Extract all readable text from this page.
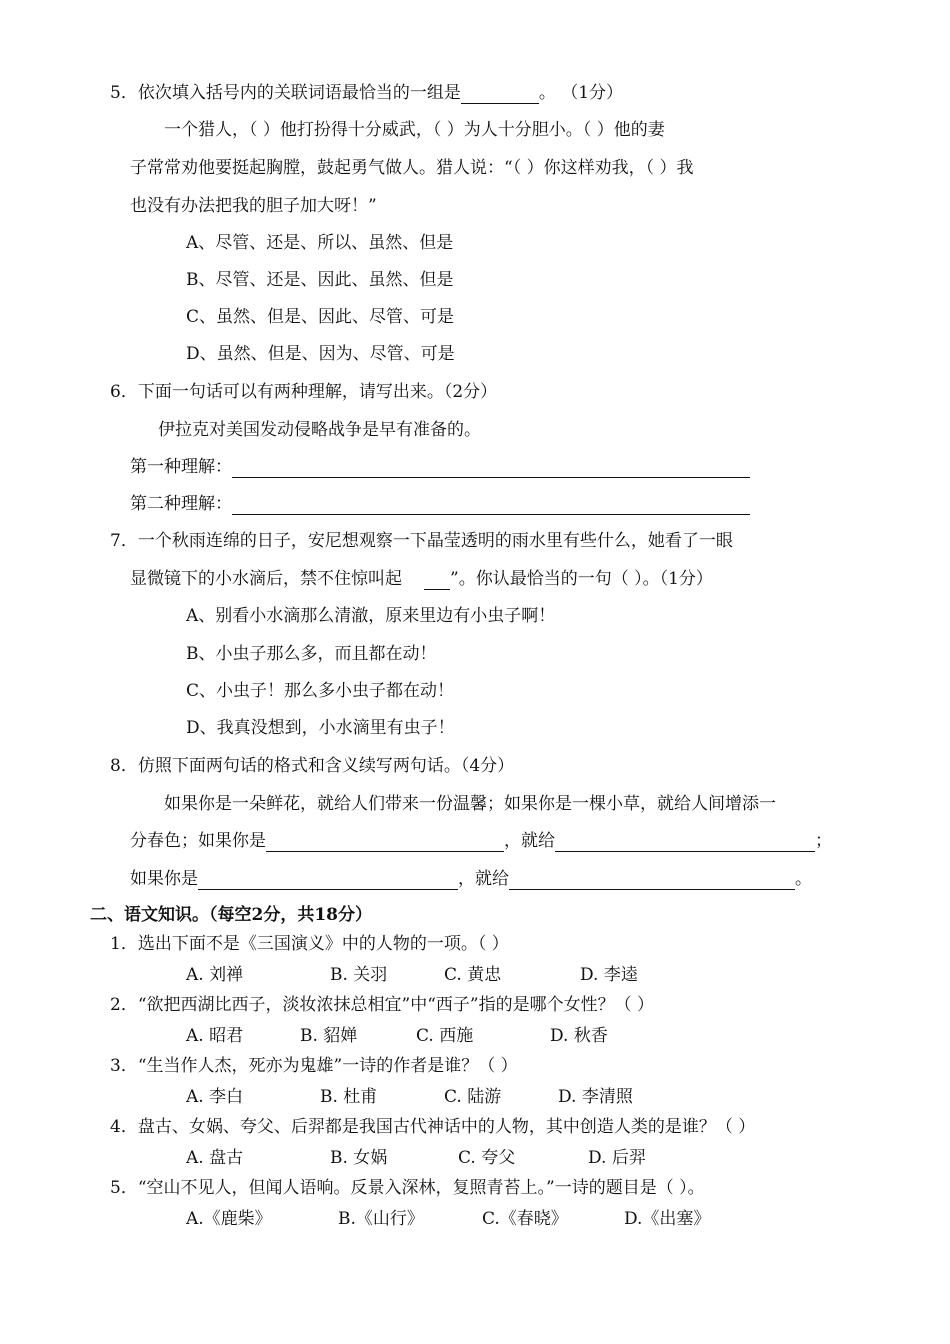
5．依次填入括号内的关联词语最恰当的一组是	。 （1分）
一个猎人，（ ）他打扮得十分威武，（ ）为人十分胆小。（ ）他的妻
子常常劝他要挺起胸膛，鼓起勇气做人。猎人说：“（ ）你这样劝我，（ ）我
也没有办法把我的胆子加大呀！”
A、尽管、还是、所以、虽然、但是
B、尽管、还是、因此、虽然、但是
C、虽然、但是、因此、尽管、可是
D、虽然、但是、因为、尽管、可是
6．下面一句话可以有两种理解，请写出来。（2分）
伊拉克对美国发动侵略战争是早有准备的。
第一种理解：
第二种理解：
7．一个秋雨连绵的日子，安尼想观察一下晶莹透明的雨水里有些什么，她看了一眼
显微镜下的小水滴后，禁不住惊叫起	”。你认最恰当的一句（ ）。（1分）
A、别看小水滴那么清澈，原来里边有小虫子啊！
B、小虫子那么多，而且都在动！
C、小虫子！那么多小虫子都在动！
D、我真没想到，小水滴里有虫子！
8．仿照下面两句话的格式和含义续写两句话。（4分）
如果你是一朵鲜花，就给人们带来一份温馨；如果你是一棵小草，就给人间增添一
分春色；如果你是	，就给	；
如果你是	，就给	。
二、语文知识。（每空2分，共18分）
1．选出下面不是《三国演义》中的人物的一项。（ ）
A. 刘禅	B. 关羽	C. 黄忠	D. 李逵
2．“欲把西湖比西子，淡妆浓抹总相宜”中“西子”指的是哪个女性？（ ）
A. 昭君	B. 貂婵	C. 西施	D. 秋香
3．“生当作人杰，死亦为鬼雄”一诗的作者是谁？（ ）
A. 李白	B. 杜甫	C. 陆游	D. 李清照
4．盘古、女娲、夸父、后羿都是我国古代神话中的人物，其中创造人类的是谁？（ ）
A. 盘古	B. 女娲	C. 夸父	D. 后羿
5．“空山不见人，但闻人语响。反景入深林，复照青苔上。”一诗的题目是（ ）。
A.《鹿柴》	B.《山行》	C.《春晓》	D.《出塞》
